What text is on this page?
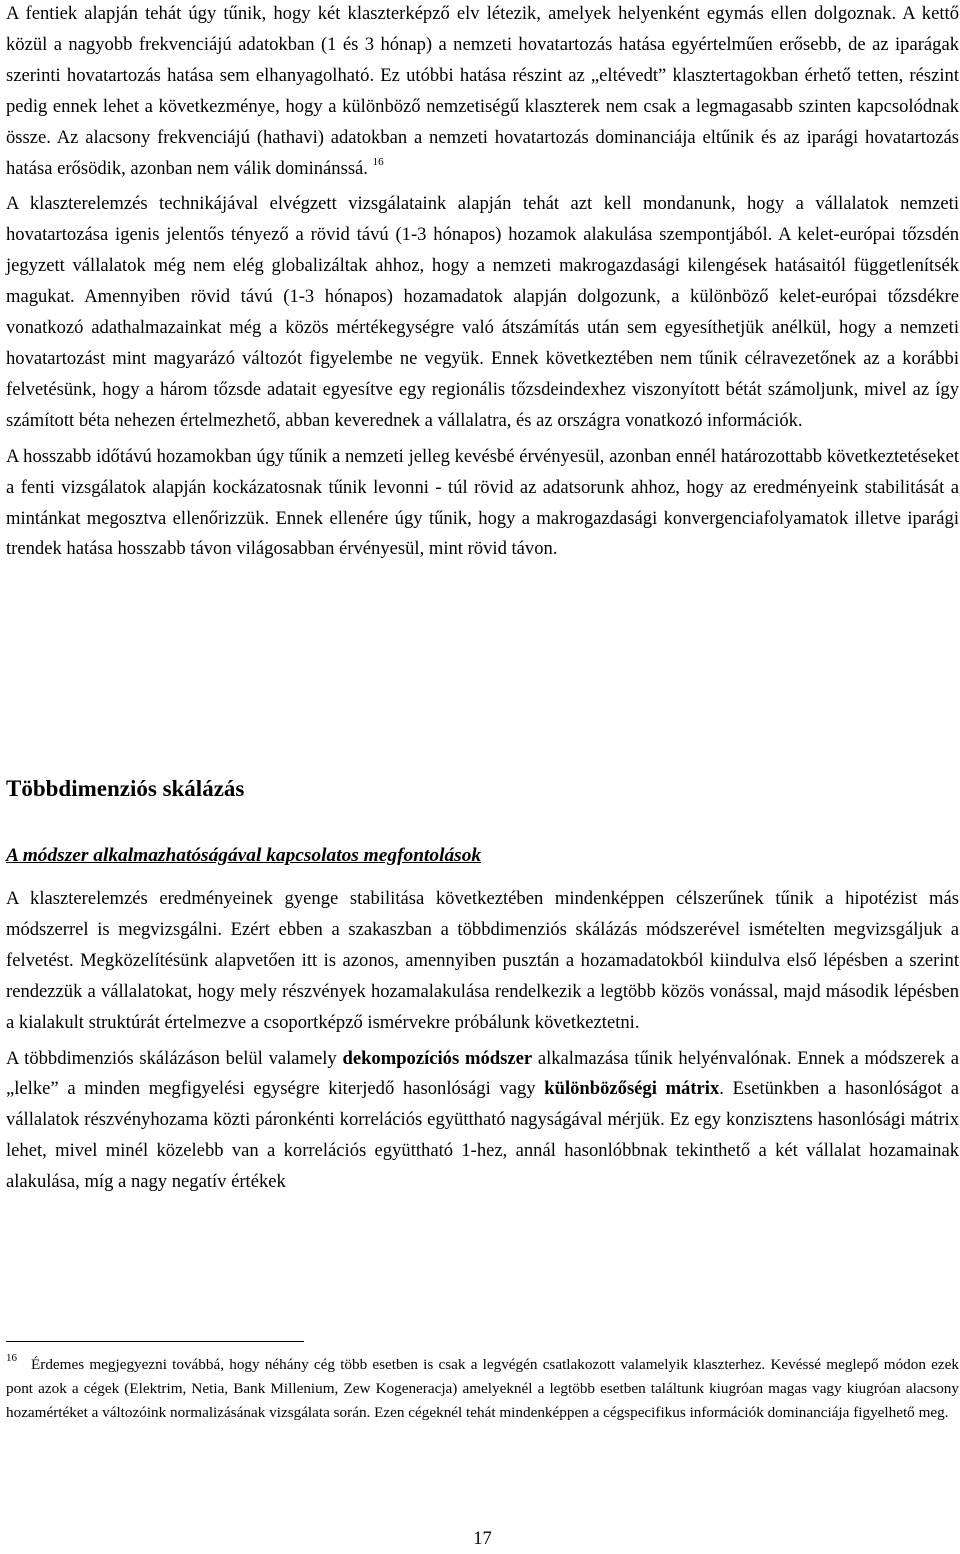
A fentiek alapján tehát úgy tűnik, hogy két klaszterképző elv létezik, amelyek helyenként egymás ellen dolgoznak. A kettő közül a nagyobb frekvenciájú adatokban (1 és 3 hónap) a nemzeti hovatartozás hatása egyértelműen erősebb, de az iparágak szerinti hovatartozás hatása sem elhanyagolható. Ez utóbbi hatása részint az „eltévedt” klasztertagokban érhető tetten, részint pedig ennek lehet a következménye, hogy a különböző nemzetiségű klaszterek nem csak a legmagasabb szinten kapcsolódnak össze. Az alacsony frekvenciájú (hathavi) adatokban a nemzeti hovatartozás dominanciája eltűnik és az iparági hovatartozás hatása erősödik, azonban nem válik dominánssá. $^{16}$

A klaszterelemzés technikájával elvégzett vizsgálataink alapján tehát azt kell mondanunk, hogy a vállalatok nemzeti hovatartozása igenis jelentős tényező a rövid távú (1-3 hónapos) hozamok alakulása szempontjából. A kelet-európai tőzsdén jegyzett vállalatok még nem elég globalizáltak ahhoz, hogy a nemzeti makrogazdasági kilengések hatásaitól függetlenítsék magukat. Amennyiben rövid távú (1-3 hónapos) hozamadatok alapján dolgozunk, a különböző kelet-európai tőzsdékre vonatkozó adathalmazainkat még a közös mértékegységre való átszámítás után sem egyesíthetjük anélkül, hogy a nemzeti hovatartozást mint magyarázó változót figyelembe ne vegyük. Ennek következtében nem tűnik célravezetőnek az a korábbi felvetésünk, hogy a három tőzsde adatait egyesítve egy regionális tőzsdeindexhez viszonyított bétát számoljunk, mivel az így számított béta nehezen értelmezhető, abban keverednek a vállalatra, és az országra vonatkozó információk.

A hosszabb időtávú hozamokban úgy tűnik a nemzeti jelleg kevésbé érvényesül, azonban ennél határozottabb következtetéseket a fenti vizsgálatok alapján kockázatosnak tűnik levonni - túl rövid az adatsorunk ahhoz, hogy az eredményeink stabilitását a mintánkat megosztva ellenőrizzük. Ennek ellenére úgy tűnik, hogy a makrogazdasági konvergenciafolyamatok illetve iparági trendek hatása hosszabb távon világosabban érvényesül, mint rövid távon.

Többdimenziós skálázás
A módszer alkalmazhatóságával kapcsolatos megfontolások

A klaszterelemzés eredményeinek gyenge stabilitása következtében mindenképpen célszerűnek tűnik a hipotézist más módszerrel is megvizsgálni. Ezért ebben a szakaszban a többdimenziós skálázás módszerével ismételten megvizsgáljuk a felvetést. Megközelítésünk alapvetően itt is azonos, amennyiben pusztán a hozamadatokból kiindulva első lépésben a szerint rendezzük a vállalatokat, hogy mely részvények hozamalakulása rendelkezik a legtöbb közös vonással, majd második lépésben a kialakult struktúrát értelmezve a csoportképző ismérvekre próbálunk következtetni.

A többdimenziós skálázáson belül valamely dekompozíciós módszer alkalmazása tűnik helyénvalónak. Ennek a módszerek a „lelke” a minden megfigyelési egységre kiterjedő hasonlósági vagy különbözőségi mátrix. Esetünkben a hasonlóságot a vállalatok részvényhozama közti páronkénti korrelációs együttható nagyságával mérjük. Ez egy konzisztens hasonlósági mátrix lehet, mivel minél közelebb van a korrelációs együttható 1-hez, annál hasonlóbbnak tekinthető a két vállalat hozamainak alakulása, míg a nagy negatív értékek

$^{16}$ Érdemes megjegyezni továbbá, hogy néhány cég több esetben is csak a legvégén csatlakozott valamelyik klaszterhez. Kevéssé meglepő módon ezek pont azok a cégek (Elektrim, Netia, Bank Millenium, Zew Kogeneracja) amelyeknél a legtöbb esetben találtunk kiugróan magas vagy kiugróan alacsony hozamértéket a változóink normalizásának vizsgálata során. Ezen cégeknél tehát mindenképpen a cégspecifikus információk dominanciája figyelhető meg.

17
